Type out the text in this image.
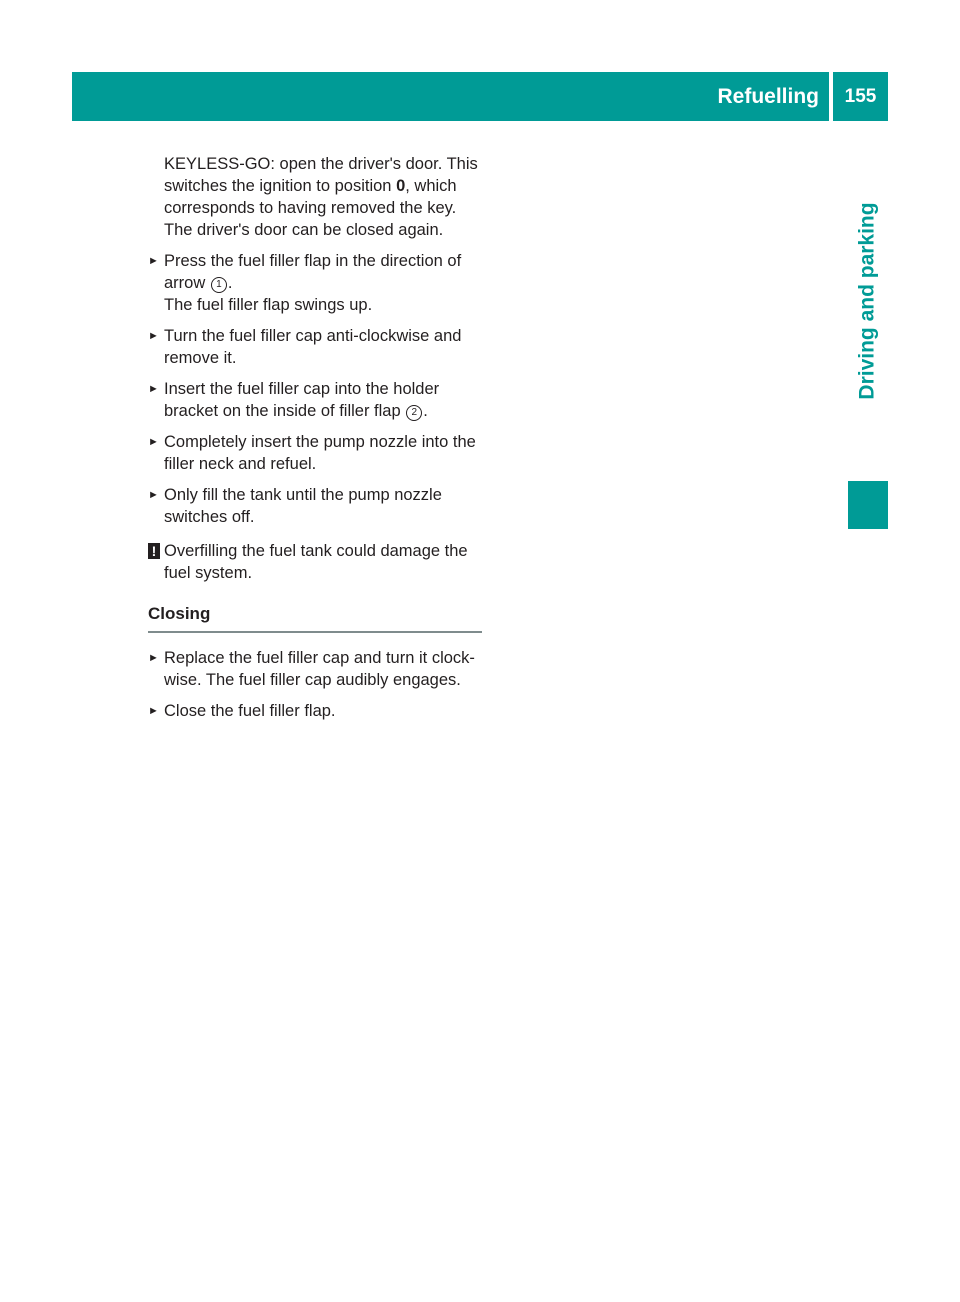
Refuelling	155
Driving and parking
KEYLESS-GO: open the driver's door. This
switches the ignition to position 0, which
corresponds to having removed the key.
The driver's door can be closed again.
► Press the fuel filler flap in the direction of
arrow 1 .
The fuel filler flap swings up.
► Turn the fuel filler cap anti-clockwise and
remove it.
► Insert the fuel filler cap into the holder
bracket on the inside of filler flap 2 .
► Completely insert the pump nozzle into the
filler neck and refuel.
► Only fill the tank until the pump nozzle
switches off.
! Overfilling the fuel tank could damage the
fuel system.
Closing
► Replace the fuel filler cap and turn it clock-
wise. The fuel filler cap audibly engages.
► Close the fuel filler flap.
